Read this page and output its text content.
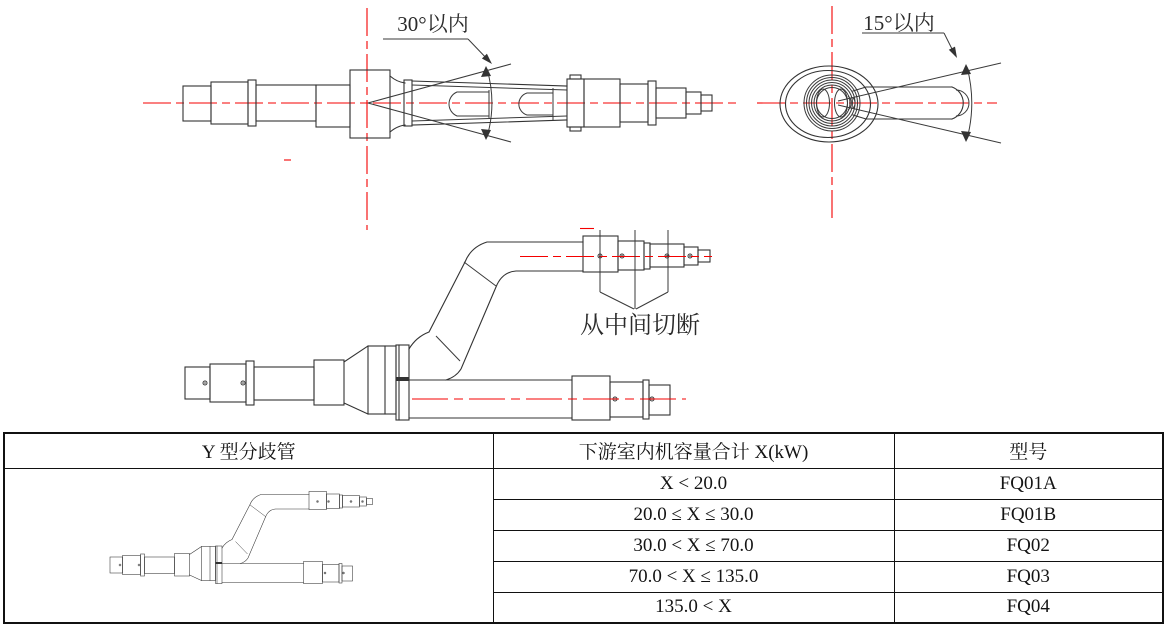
30°以内	15°以内
从中间切断
Y 型分歧管	下游室内机容量合计 X(kW)	型号

	X < 20.0	FQ01A
	20.0 ≤ X ≤ 30.0	FQ01B
	30.0 < X ≤ 70.0	FQ02
	70.0 < X ≤ 135.0	FQ03
	135.0 < X	FQ04
